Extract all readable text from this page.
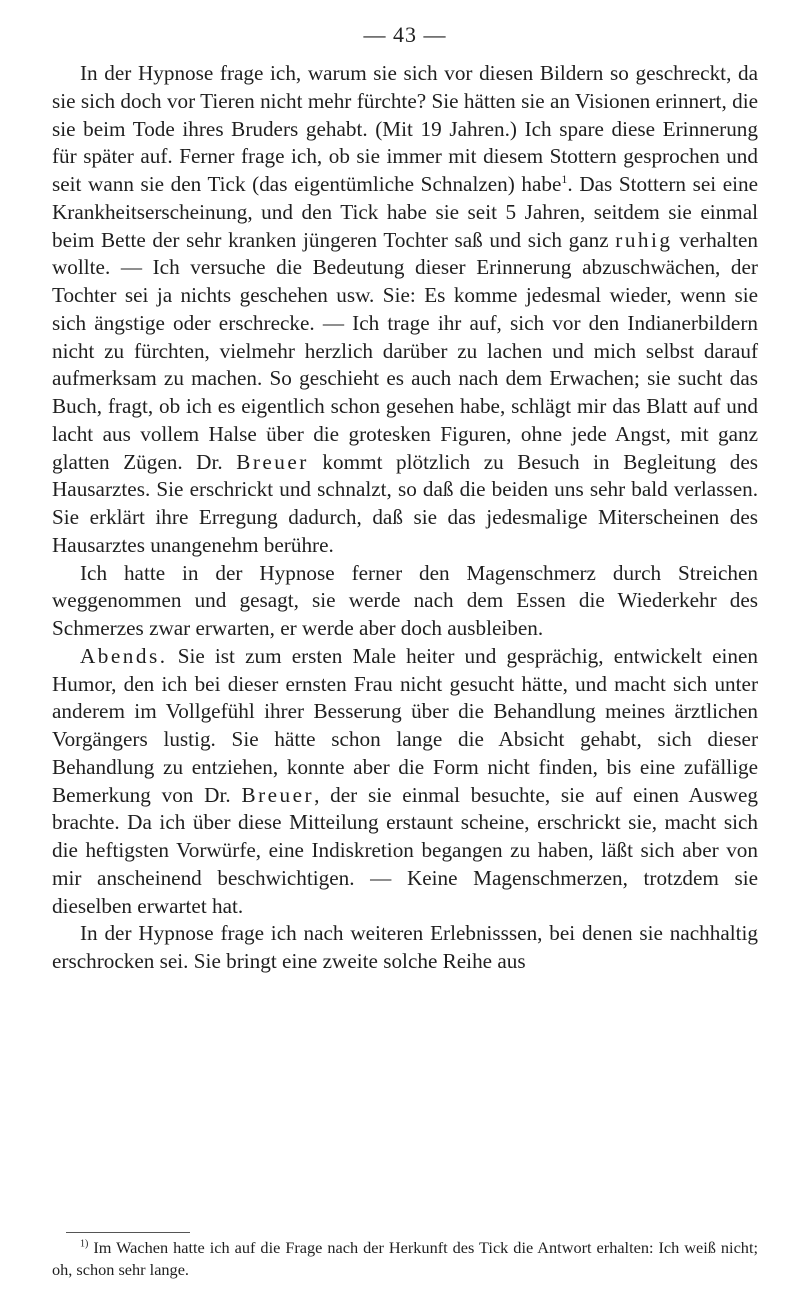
— 43 —

In der Hypnose frage ich, warum sie sich vor diesen Bildern so geschreckt, da sie sich doch vor Tieren nicht mehr fürchte? Sie hätten sie an Visionen erinnert, die sie beim Tode ihres Bruders gehabt. (Mit 19 Jahren.) Ich spare diese Erinnerung für später auf. Ferner frage ich, ob sie immer mit diesem Stottern gesprochen und seit wann sie den Tick (das eigentümliche Schnalzen) habe$^1$. Das Stottern sei eine Krankheitserscheinung, und den Tick habe sie seit 5 Jahren, seitdem sie einmal beim Bette der sehr kranken jüngeren Tochter saß und sich ganz ruhig verhalten wollte. — Ich versuche die Bedeutung dieser Erinnerung abzuschwächen, der Tochter sei ja nichts geschehen usw. Sie: Es komme jedesmal wieder, wenn sie sich ängstige oder erschrecke. — Ich trage ihr auf, sich vor den Indianerbildern nicht zu fürchten, vielmehr herzlich darüber zu lachen und mich selbst darauf aufmerksam zu machen. So geschieht es auch nach dem Erwachen; sie sucht das Buch, fragt, ob ich es eigentlich schon gesehen habe, schlägt mir das Blatt auf und lacht aus vollem Halse über die grotesken Figuren, ohne jede Angst, mit ganz glatten Zügen. Dr. Breuer kommt plötzlich zu Besuch in Begleitung des Hausarztes. Sie erschrickt und schnalzt, so daß die beiden uns sehr bald verlassen. Sie erklärt ihre Erregung dadurch, daß sie das jedesmalige Miterscheinen des Hausarztes unangenehm berühre.

Ich hatte in der Hypnose ferner den Magenschmerz durch Streichen weggenommen und gesagt, sie werde nach dem Essen die Wiederkehr des Schmerzes zwar erwarten, er werde aber doch ausbleiben.

Abends. Sie ist zum ersten Male heiter und gesprächig, entwickelt einen Humor, den ich bei dieser ernsten Frau nicht gesucht hätte, und macht sich unter anderem im Vollgefühl ihrer Besserung über die Behandlung meines ärztlichen Vorgängers lustig. Sie hätte schon lange die Absicht gehabt, sich dieser Behandlung zu entziehen, konnte aber die Form nicht finden, bis eine zufällige Bemerkung von Dr. Breuer, der sie einmal besuchte, sie auf einen Ausweg brachte. Da ich über diese Mitteilung erstaunt scheine, erschrickt sie, macht sich die heftigsten Vorwürfe, eine Indiskretion begangen zu haben, läßt sich aber von mir anscheinend beschwichtigen. — Keine Magenschmerzen, trotzdem sie dieselben erwartet hat.

In der Hypnose frage ich nach weiteren Erlebnisssen, bei denen sie nachhaltig erschrocken sei. Sie bringt eine zweite solche Reihe aus

$^{1)}$ Im Wachen hatte ich auf die Frage nach der Herkunft des Tick die Antwort erhalten: Ich weiß nicht; oh, schon sehr lange.
